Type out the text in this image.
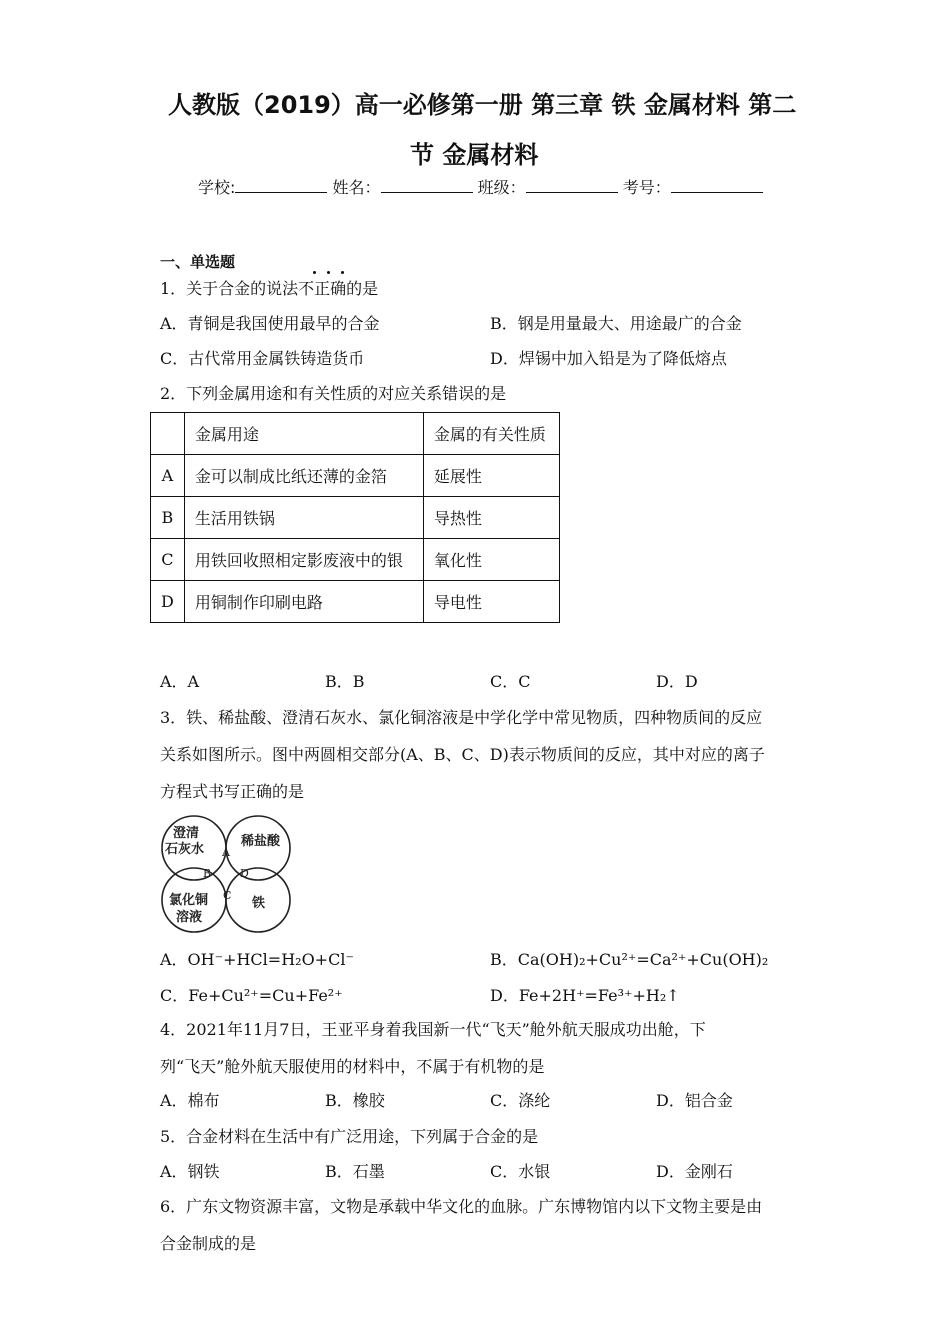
人教版（2019）高一必修第一册 第三章 铁 金属材料 第二
节 金属材料
学校:	姓名：	班级：	考号：
一、单选题
1．关于合金的说法不正确的是
A．青铜是我国使用最早的合金	B．钢是用量最大、用途最广的合金
C．古代常用金属铁铸造货币	D．焊锡中加入铅是为了降低熔点
2．下列金属用途和有关性质的对应关系错误的是
	金属用途	金属的有关性质
A	金可以制成比纸还薄的金箔	延展性
B	生活用铁锅	导热性
C	用铁回收照相定影废液中的银	氧化性
D	用铜制作印刷电路	导电性
A．A	B．B	C．C	D．D
3．铁、稀盐酸、澄清石灰水、氯化铜溶液是中学化学中常见物质，四种物质间的反应
关系如图所示。图中两圆相交部分(A、B、C、D)表示物质间的反应，其中对应的离子
方程式书写正确的是
澄清
石灰水
稀盐酸
氯化铜
溶液
铁
A
B
C
D
A．OH⁻+HCl=H₂O+Cl⁻	B．Ca(OH)₂+Cu²⁺=Ca²⁺+Cu(OH)₂
C．Fe+Cu²⁺=Cu+Fe²⁺	D．Fe+2H⁺=Fe³⁺+H₂↑
4．2021年11月7日，王亚平身着我国新一代“飞天”舱外航天服成功出舱，下
列“飞天”舱外航天服使用的材料中，不属于有机物的是
A．棉布	B．橡胶	C．涤纶	D．铝合金
5．合金材料在生活中有广泛用途，下列属于合金的是
A．钢铁	B．石墨	C．水银	D．金刚石
6．广东文物资源丰富，文物是承载中华文化的血脉。广东博物馆内以下文物主要是由
合金制成的是
